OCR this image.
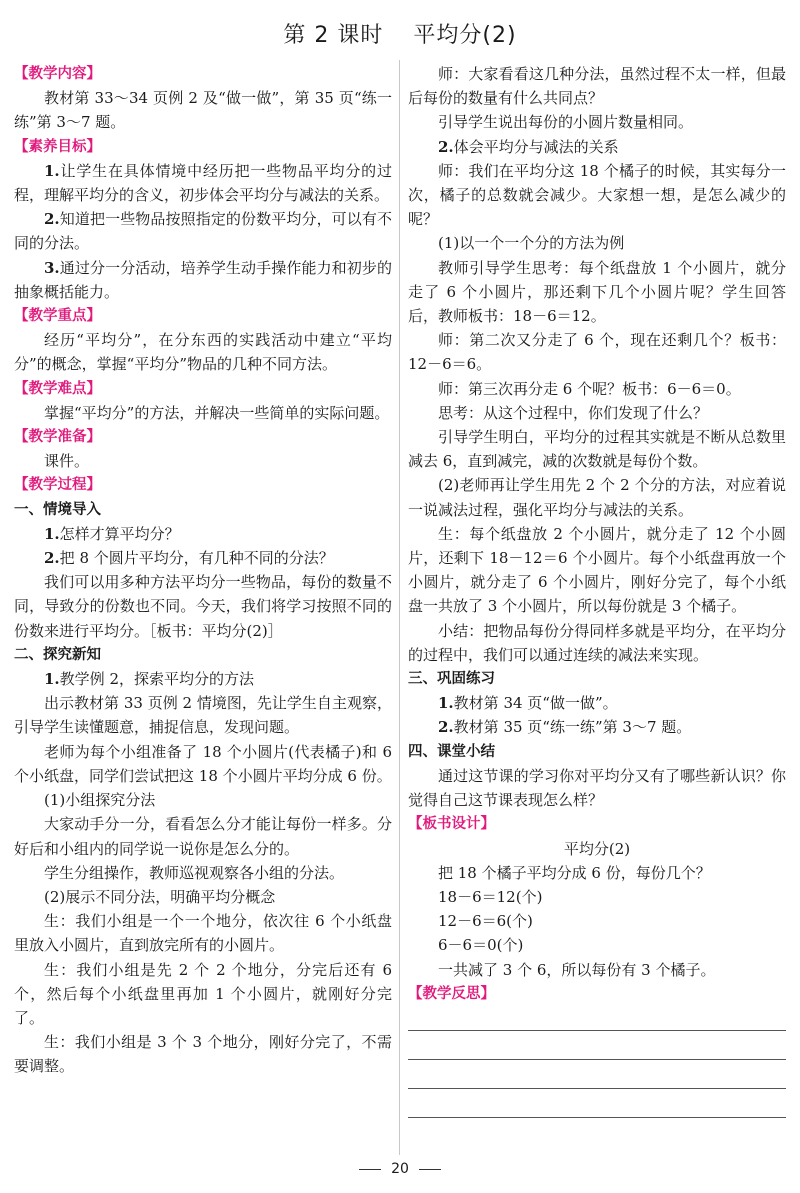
第 2 课时 平均分(2)
【教学内容】
教材第 33～34 页例 2 及“做一做”，第 35 页“练一练”第 3～7 题。
【素养目标】
1.让学生在具体情境中经历把一些物品平均分的过程，理解平均分的含义，初步体会平均分与减法的关系。
2.知道把一些物品按照指定的份数平均分，可以有不同的分法。
3.通过分一分活动，培养学生动手操作能力和初步的抽象概括能力。
【教学重点】
经历“平均分”，在分东西的实践活动中建立“平均分”的概念，掌握“平均分”物品的几种不同方法。
【教学难点】
掌握“平均分”的方法，并解决一些简单的实际问题。
【教学准备】
课件。
【教学过程】
一、情境导入
1.怎样才算平均分？
2.把 8 个圆片平均分，有几种不同的分法？
我们可以用多种方法平均分一些物品，每份的数量不同，导致分的份数也不同。今天，我们将学习按照不同的份数来进行平均分。［板书：平均分(2)］
二、探究新知
1.教学例 2，探索平均分的方法
出示教材第 33 页例 2 情境图，先让学生自主观察，引导学生读懂题意，捕捉信息，发现问题。
老师为每个小组准备了 18 个小圆片(代表橘子)和 6 个小纸盘，同学们尝试把这 18 个小圆片平均分成 6 份。
(1)小组探究分法
大家动手分一分，看看怎么分才能让每份一样多。分好后和小组内的同学说一说你是怎么分的。
学生分组操作，教师巡视观察各小组的分法。
(2)展示不同分法，明确平均分概念
生：我们小组是一个一个地分，依次往 6 个小纸盘里放入小圆片，直到放完所有的小圆片。
生：我们小组是先 2 个 2 个地分，分完后还有 6 个，然后每个小纸盘里再加 1 个小圆片，就刚好分完了。
生：我们小组是 3 个 3 个地分，刚好分完了，不需要调整。
师：大家看看这几种分法，虽然过程不太一样，但最后每份的数量有什么共同点？
引导学生说出每份的小圆片数量相同。
2.体会平均分与减法的关系
师：我们在平均分这 18 个橘子的时候，其实每分一次，橘子的总数就会减少。大家想一想，是怎么减少的呢？
(1)以一个一个分的方法为例
教师引导学生思考：每个纸盘放 1 个小圆片，就分走了 6 个小圆片，那还剩下几个小圆片呢？学生回答后，教师板书：18－6＝12。
师：第二次又分走了 6 个，现在还剩几个？板书：12－6＝6。
师：第三次再分走 6 个呢？板书：6－6＝0。
思考：从这个过程中，你们发现了什么？
引导学生明白，平均分的过程其实就是不断从总数里减去 6，直到减完，减的次数就是每份个数。
(2)老师再让学生用先 2 个 2 个分的方法，对应着说一说减法过程，强化平均分与减法的关系。
生：每个纸盘放 2 个小圆片，就分走了 12 个小圆片，还剩下 18－12＝6 个小圆片。每个小纸盘再放一个小圆片，就分走了 6 个小圆片，刚好分完了，每个小纸盘一共放了 3 个小圆片，所以每份就是 3 个橘子。
小结：把物品每份分得同样多就是平均分，在平均分的过程中，我们可以通过连续的减法来实现。
三、巩固练习
1.教材第 34 页“做一做”。
2.教材第 35 页“练一练”第 3～7 题。
四、课堂小结
通过这节课的学习你对平均分又有了哪些新认识？你觉得自己这节课表现怎么样？
【板书设计】
平均分(2)
把 18 个橘子平均分成 6 份，每份几个？
18－6＝12(个)
12－6＝6(个)
6－6＝0(个)
一共减了 3 个 6，所以每份有 3 个橘子。
【教学反思】
20
